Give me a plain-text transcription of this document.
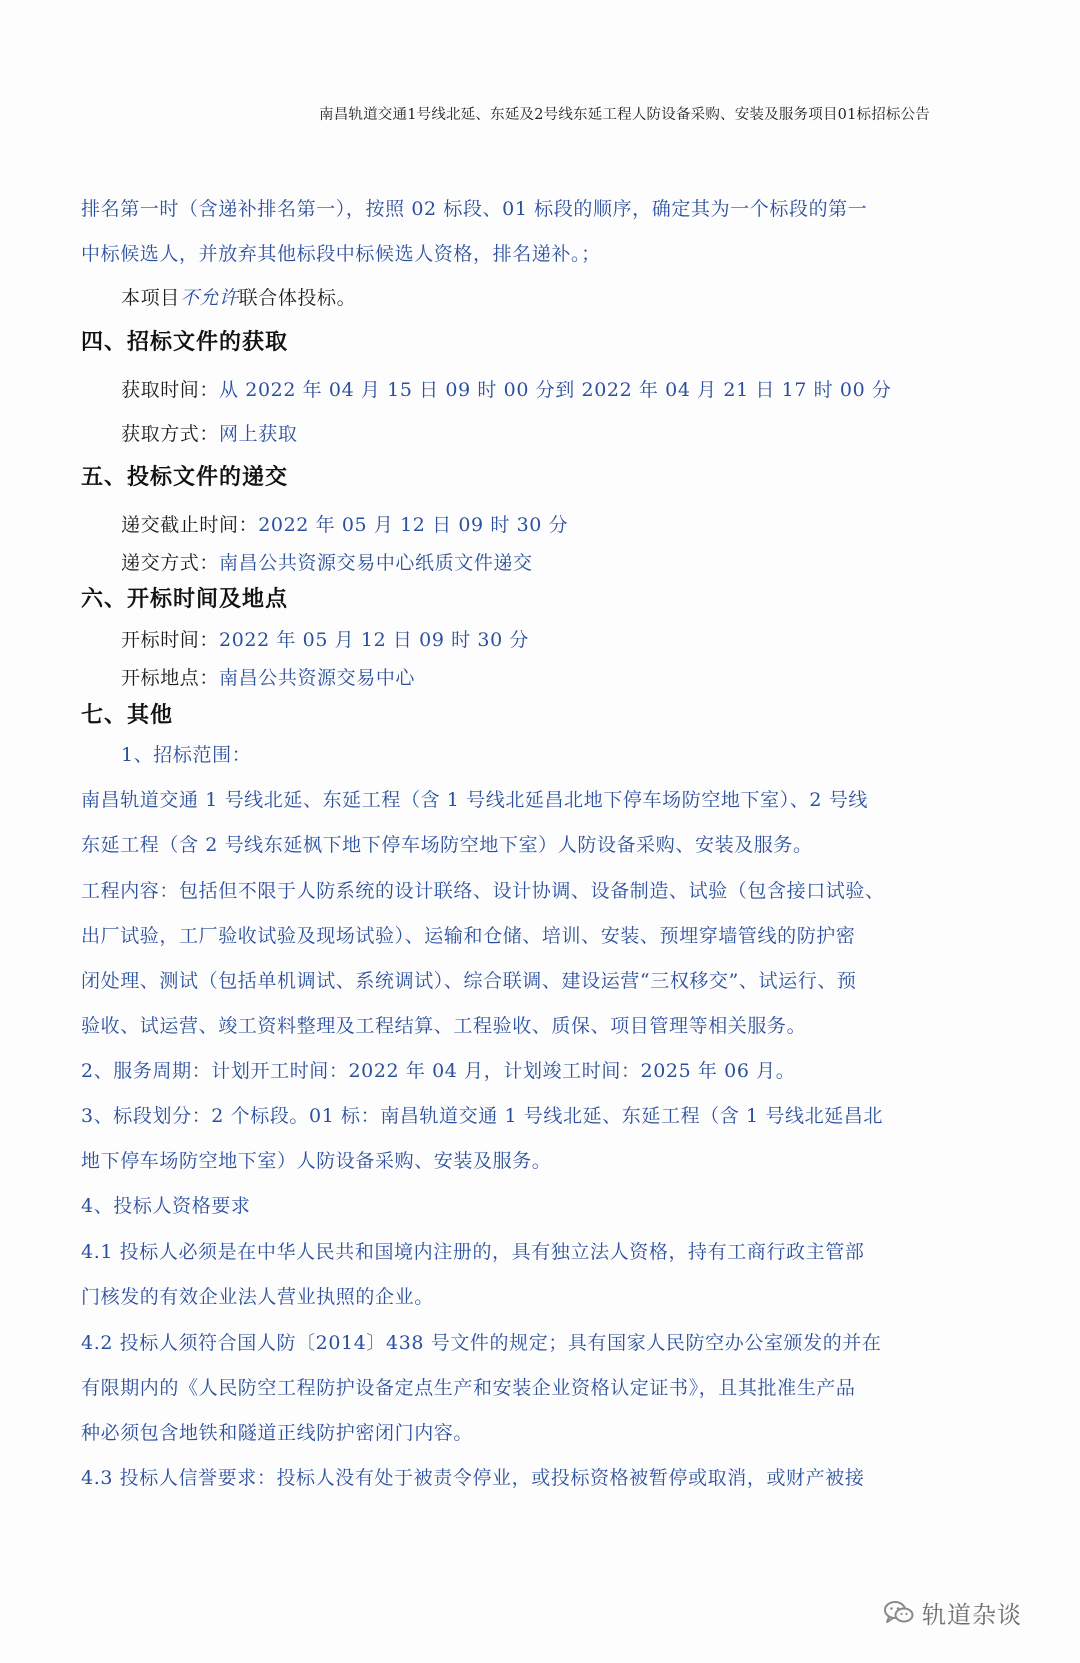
南昌轨道交通1号线北延、东延及2号线东延工程人防设备采购、安装及服务项目01标招标公告
排名第一时（含递补排名第一），按照 02 标段、01 标段的顺序，确定其为一个标段的第一
中标候选人，并放弃其他标段中标候选人资格，排名递补。；
本项目不允许联合体投标。
四、招标文件的获取
获取时间：从 2022 年 04 月 15 日 09 时 00 分到 2022 年 04 月 21 日 17 时 00 分
获取方式：网上获取
五、投标文件的递交
递交截止时间：2022 年 05 月 12 日 09 时 30 分
递交方式：南昌公共资源交易中心纸质文件递交
六、开标时间及地点
开标时间：2022 年 05 月 12 日 09 时 30 分
开标地点：南昌公共资源交易中心
七、其他
1、招标范围：
南昌轨道交通 1 号线北延、东延工程（含 1 号线北延昌北地下停车场防空地下室）、2 号线
东延工程（含 2 号线东延枫下地下停车场防空地下室）人防设备采购、安装及服务。
工程内容：包括但不限于人防系统的设计联络、设计协调、设备制造、试验（包含接口试验、
出厂试验，工厂验收试验及现场试验）、运输和仓储、培训、安装、预埋穿墙管线的防护密
闭处理、测试（包括单机调试、系统调试）、综合联调、建设运营“三权移交”、试运行、预
验收、试运营、竣工资料整理及工程结算、工程验收、质保、项目管理等相关服务。
2、服务周期：计划开工时间：2022 年 04 月，计划竣工时间：2025 年 06 月。
3、标段划分：2 个标段。01 标：南昌轨道交通 1 号线北延、东延工程（含 1 号线北延昌北
地下停车场防空地下室）人防设备采购、安装及服务。
4、投标人资格要求
4.1 投标人必须是在中华人民共和国境内注册的，具有独立法人资格，持有工商行政主管部
门核发的有效企业法人营业执照的企业。
4.2 投标人须符合国人防〔2014〕438 号文件的规定；具有国家人民防空办公室颁发的并在
有限期内的《人民防空工程防护设备定点生产和安装企业资格认定证书》，且其批准生产品
种必须包含地铁和隧道正线防护密闭门内容。
4.3 投标人信誉要求：投标人没有处于被责令停业，或投标资格被暂停或取消，或财产被接
轨道杂谈
